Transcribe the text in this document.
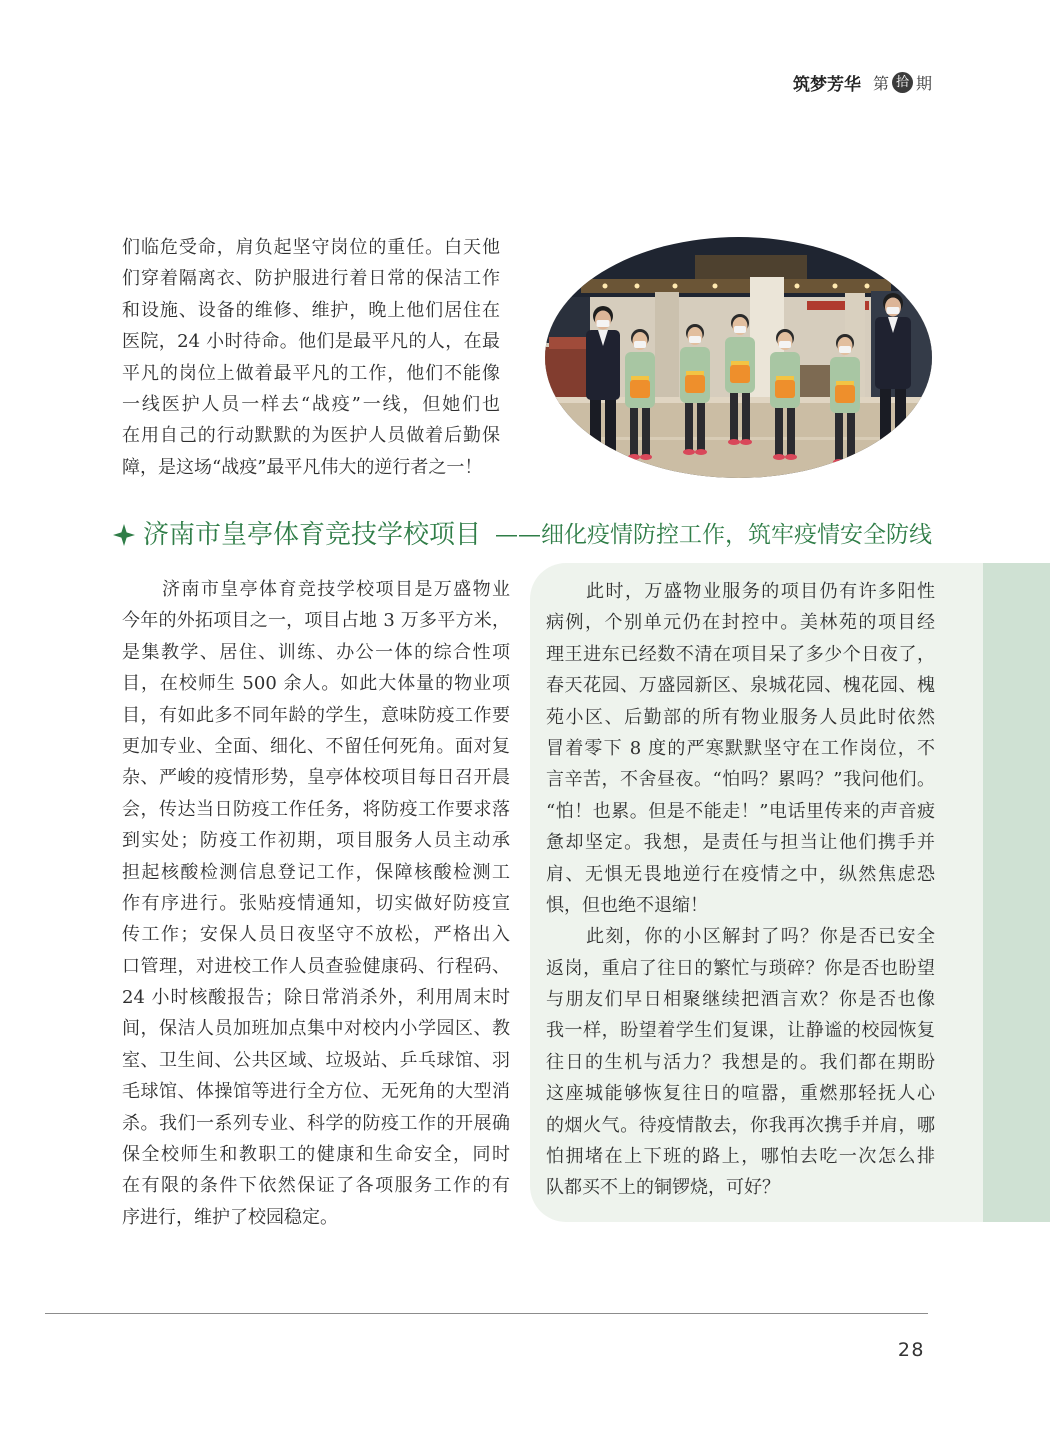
筑梦芳华 第 拾 期
们临危受命，肩负起坚守岗位的重任。白天他
们穿着隔离衣、防护服进行着日常的保洁工作
和设施、设备的维修、维护，晚上他们居住在
医院，24 小时待命。他们是最平凡的人，在最
平凡的岗位上做着最平凡的工作，他们不能像
一线医护人员一样去“战疫”一线，但她们也
在用自己的行动默默的为医护人员做着后勤保
障，是这场“战疫”最平凡伟大的逆行者之一！
济南市皇亭体育竞技学校项目 ——细化疫情防控工作，筑牢疫情安全防线
济南市皇亭体育竞技学校项目是万盛物业
今年的外拓项目之一，项目占地 3 万多平方米，
是集教学、居住、训练、办公一体的综合性项
目，在校师生 500 余人。如此大体量的物业项
目，有如此多不同年龄的学生，意味防疫工作要
更加专业、全面、细化、不留任何死角。面对复
杂、严峻的疫情形势，皇亭体校项目每日召开晨
会，传达当日防疫工作任务，将防疫工作要求落
到实处；防疫工作初期，项目服务人员主动承
担起核酸检测信息登记工作，保障核酸检测工
作有序进行。张贴疫情通知，切实做好防疫宣
传工作；安保人员日夜坚守不放松，严格出入
口管理，对进校工作人员查验健康码、行程码、
24 小时核酸报告；除日常消杀外，利用周末时
间，保洁人员加班加点集中对校内小学园区、教
室、卫生间、公共区域、垃圾站、乒乓球馆、羽
毛球馆、体操馆等进行全方位、无死角的大型消
杀。我们一系列专业、科学的防疫工作的开展确
保全校师生和教职工的健康和生命安全，同时
在有限的条件下依然保证了各项服务工作的有
序进行，维护了校园稳定。
此时，万盛物业服务的项目仍有许多阳性
病例，个别单元仍在封控中。美林苑的项目经
理王进东已经数不清在项目呆了多少个日夜了，
春天花园、万盛园新区、泉城花园、槐花园、槐
苑小区、后勤部的所有物业服务人员此时依然
冒着零下 8 度的严寒默默坚守在工作岗位，不
言辛苦，不舍昼夜。“怕吗？累吗？”我问他们。
“怕！也累。但是不能走！”电话里传来的声音疲
惫却坚定。我想，是责任与担当让他们携手并
肩、无惧无畏地逆行在疫情之中，纵然焦虑恐
惧，但也绝不退缩！
此刻，你的小区解封了吗？你是否已安全
返岗，重启了往日的繁忙与琐碎？你是否也盼望
与朋友们早日相聚继续把酒言欢？你是否也像
我一样，盼望着学生们复课，让静谧的校园恢复
往日的生机与活力？我想是的。我们都在期盼
这座城能够恢复往日的喧嚣，重燃那轻抚人心
的烟火气。待疫情散去，你我再次携手并肩，哪
怕拥堵在上下班的路上，哪怕去吃一次怎么排
队都买不上的铜锣烧，可好？
28
